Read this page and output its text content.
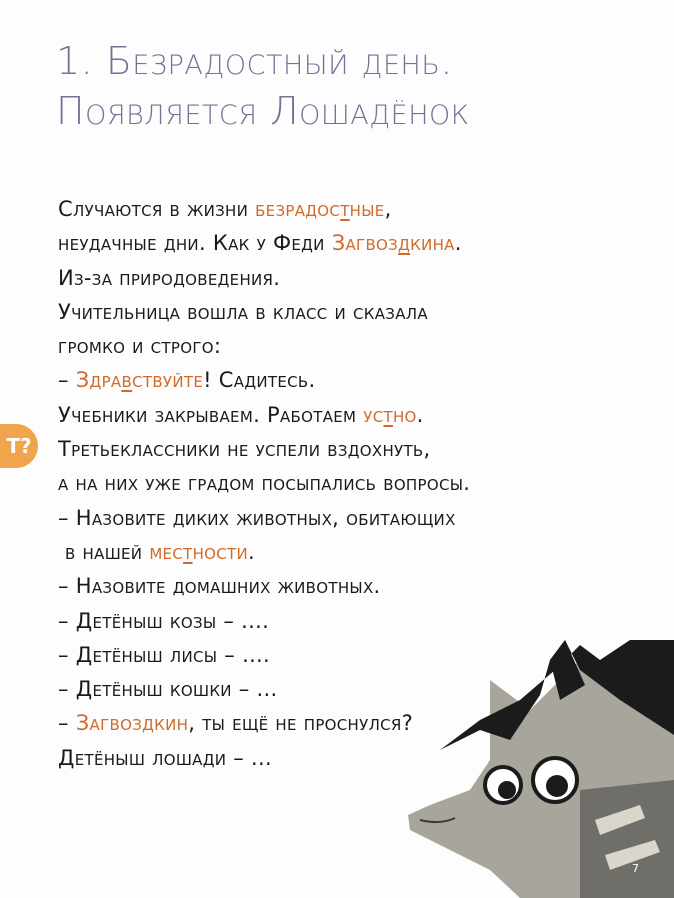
1. Безрадостный день.
Появляется Лошадёнок
Т?
Случаются в жизни безрадостные,
неудачные дни. Как у Феди Загвоздкина.
Из-за природоведения.
Учительница вошла в класс и сказала
громко и строго:
– Здравствуйте! Садитесь.
Учебники закрываем. Работаем устно.
Третьеклассники не успели вздохнуть,
а на них уже градом посыпались вопросы.
– Назовите диких животных, обитающих
в нашей местности.
– Назовите домашних животных.
– Детёныш козы – ....
– Детёныш лисы – ....
– Детёныш кошки – ...
– Загвоздкин, ты ещё не проснулся?
Детёныш лошади – ...
7
